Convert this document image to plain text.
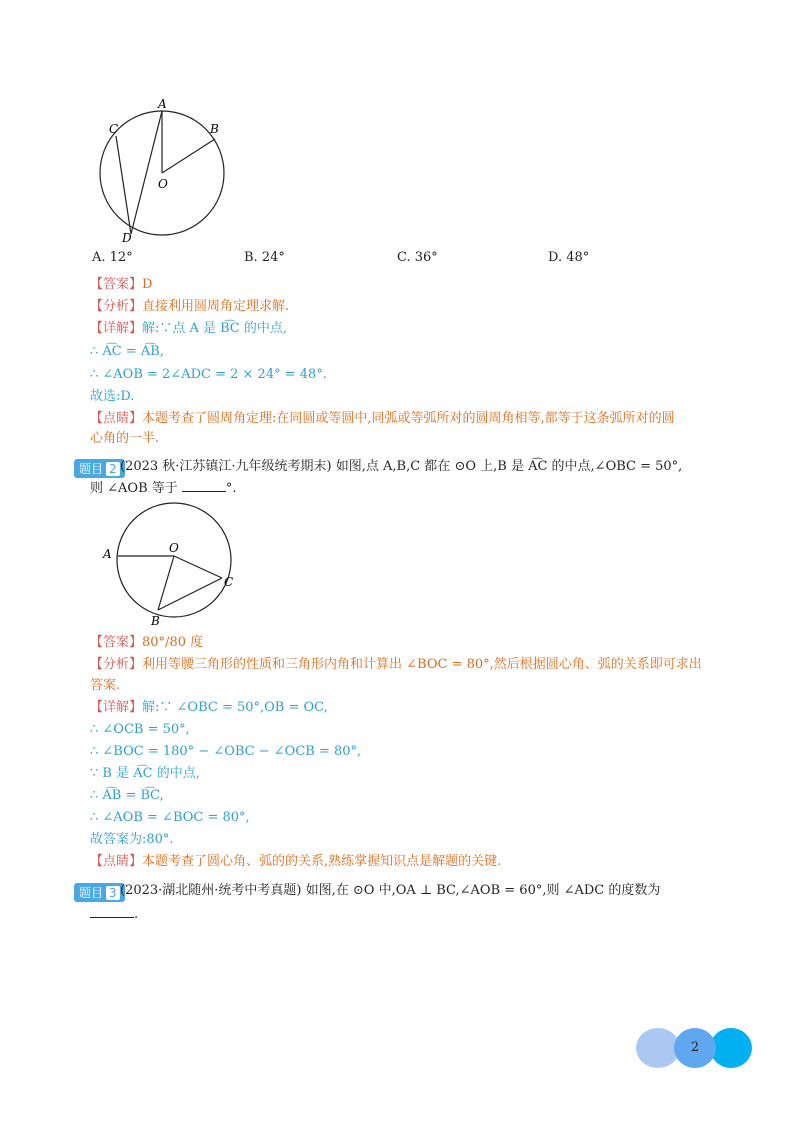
A
B
C
D
O
A. 12°	B. 24°	C. 36°	D. 48°
【答案】D
【分析】直接利用圆周角定理求解.
【详解】解:∵点 A 是 B͡C 的中点,
∴ A͡C = A͡B,
∴ ∠AOB = 2∠ADC = 2 × 24° = 48°.
故选:D.
【点睛】本题考查了圆周角定理:在同圆或等圆中,同弧或等弧所对的圆周角相等,都等于这条弧所对的圆
心角的一半.
题目 2 (2023 秋·江苏镇江·九年级统考期末) 如图,点 A,B,C 都在 ⊙O 上,B 是 A͡C 的中点,∠OBC = 50°,
则 ∠AOB 等于	°.
A	O
C
B
【答案】80°/80 度
【分析】利用等腰三角形的性质和三角形内角和计算出 ∠BOC = 80°,然后根据圆心角、弧的关系即可求出
答案.
【详解】解:∵ ∠OBC = 50°,OB = OC,
∴ ∠OCB = 50°,
∴ ∠BOC = 180° − ∠OBC − ∠OCB = 80°,
∵ B 是 A͡C 的中点,
∴ A͡B = B͡C,
∴ ∠AOB = ∠BOC = 80°,
故答案为:80°.
【点睛】本题考查了圆心角、弧的的关系,熟练掌握知识点是解题的关键.
题目 3 (2023·湖北随州·统考中考真题) 如图,在 ⊙O 中,OA ⊥ BC,∠AOB = 60°,则 ∠ADC 的度数为
.
2
